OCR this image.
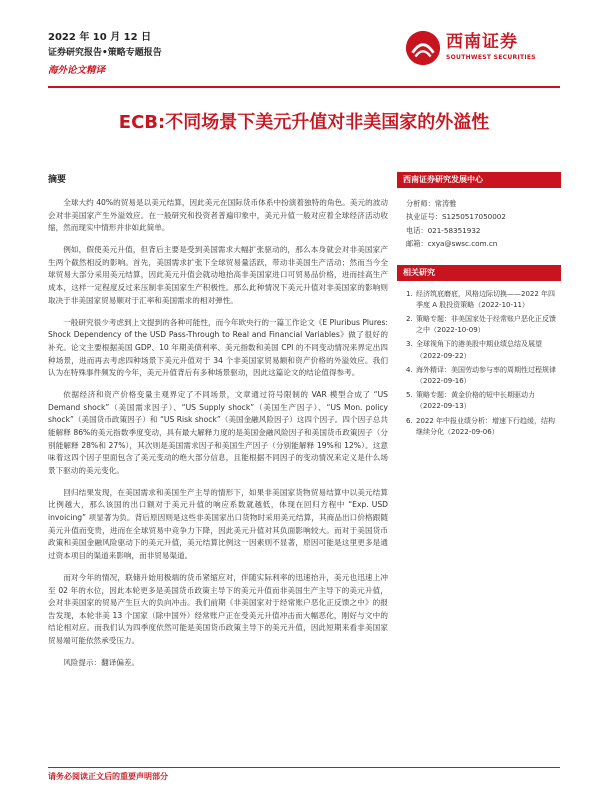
2022 年 10 月 12 日
证券研究报告•策略专题报告
海外论文精译
西南证券
SOUTHWEST SECURITIES
ECB:不同场景下美元升值对非美国家的外溢性
摘要

全球大约 40%的贸易是以美元结算，因此美元在国际货币体系中扮演着独特的角色。美元的波动会对非美国家产生外溢效应。在一般研究和投资者普遍印象中，美元升值一般对应着全球经济活动收缩，然而现实中情形并非如此简单。

例如，假使美元升值，但背后主要是受到美国需求大幅扩张驱动的，那么本身就会对非美国家产生两个截然相反的影响。首先，美国需求扩张下全球贸易量活跃，带动非美国生产活动；然而当今全球贸易大部分采用美元结算，因此美元升值会就动地抬高非美国家进口可贸易品价格，进而挂高生产成本，这样一定程度反过来压制非美国家生产积极性。那么此种情况下美元升值对非美国家的影响则取决于非美国家贸易顺对于汇率和美国需求的相对弹性。

一般研究很少考虑到上文提到的各种可能性，而今年欧央行的一篇工作论文《E Pluribus Plures: Shock Dependency of the USD Pass-Through to Real and Financial Variables》做了很好的补充。论文主要根据美国 GDP、10 年期美债利率、美元指数和美国 CPI 的不同变动情况来界定出四种场景，进而再去考虑四种场景下美元升值对于 34 个非美国家贸易额和资产价格的外溢效应。我们认为在特殊事件频发的今年，美元升值背后有多种场景驱动，因此这篇论文的结论值得参考。

依据经济和资产价格变量主观界定了不同场景，文章通过符号限制的 VAR 模型合成了 “US Demand shock”（美国需求因子）、“US Supply shock”（美国生产因子）、“US Mon. policy shock”（美国货币政策因子）和 “US Risk shock”（美国金融风险因子）这四个因子。四个因子总共能解释 86%的美元指数季度变动，具有最大解释力度的是美国金融风险因子和美国货币政策因子（分别能解释 28%和 27%），其次则是美国需求因子和美国生产因子（分别能解释 19%和 12%）。这意味着这四个因子里面包含了美元变动的绝大部分信息，且能根据不同因子的变动情况来定义是什么场景下驱动的美元变化。

回归结果发现，在美国需求和美国生产主导的情形下，如果非美国家货物贸易结算中以美元结算比例越大，那么该国的出口额对于美元升值的响应系数就越低，体现在回归方程中 “Exp. USD invoicing” 项显著为负。背后原因则是这些非美国家出口货物时采用美元结算，其商品出口价格跟随美元升值而变贵，进而在全球贸易中竞争力下降，因此美元升值对其负面影响较大。而对于美国货币政策和美国金融风险驱动下的美元升值，美元结算比例这一因素则不显著，原因可能是这里更多是通过资本项目的渠道来影响，而非贸易渠道。

而对今年的情况，联储升始用极端的货币紧缩应对，伴随实际利率的迅速抬升，美元也迅速上冲至 02 年的水位，因此本轮更多是美国货币政策主导下的美元升值而非美国生产主导下的美元升值，会对非美国家的贸易产生巨大的负向冲击。我们前期《非美国家对于经常账户恶化正反馈之中》的报告发现，本轮非美 13 个国家（除中国外）经常账户正在受美元升值冲击而大幅恶化，刚好与文中的结论相对应。而我们认为四季度依然可能是美国货币政策主导下的美元升值，因此短期来看非美国家贸易端可能依然承受压力。

风险提示：翻译偏差。

西南证券研究发展中心
分析师：常涛雅
执业证号：S1250517050002
电话：021-58351932
邮箱：cxya@swsc.com.cn
相关研究
1. 经济筑底磨底，风格边际切换——2022 年四季度 A 股投资策略（2022-10-11）
2. 策略专题：非美国家处于经常账户恶化正反馈之中（2022-10-09）
3. 全球视角下的港美股中期业绩总结及展望（2022-09-22）
4. 海外精译：美国劳动参与率的周期性过程规律（2022-09-16）
5. 策略专题：黄金价格的短中长期驱动力（2022-09-13）
6. 2022 年中报业绩分析：增速下行趋缓，结构继续分化（2022-09-06）
请务必阅读正文后的重要声明部分
